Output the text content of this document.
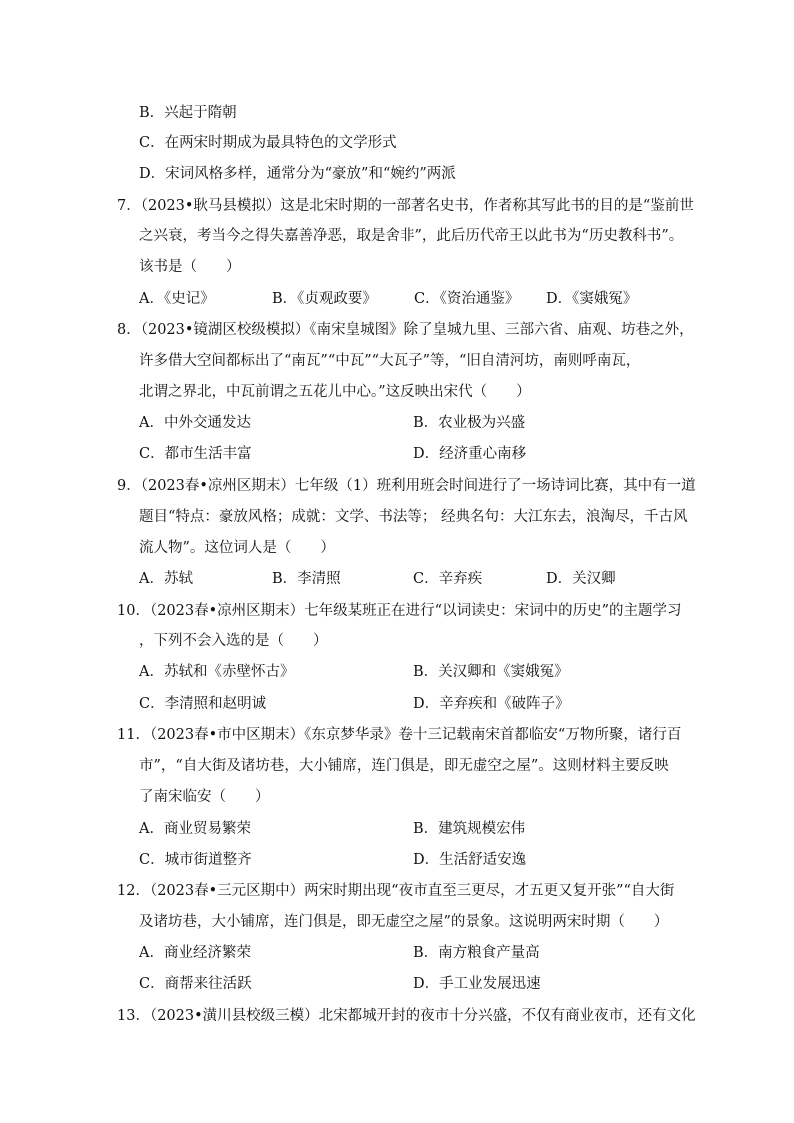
B．兴起于隋朝
C．在两宋时期成为最具特色的文学形式
D．宋词风格多样，通常分为“豪放”和“婉约”两派
7．（2023•耿马县模拟）这是北宋时期的一部著名史书，作者称其写此书的目的是“鉴前世
之兴衰，考当今之得失嘉善净恶，取是舍非”，此后历代帝王以此书为“历史教科书”。
该书是（　　）
A．《史记》	B．《贞观政要》	C．《资治通鉴》 D．《窦娥冤》
8．（2023•镜湖区校级模拟）《南宋皇城图》除了皇城九里、三部六省、庙观、坊巷之外，
许多借大空间都标出了“南瓦”“中瓦”“大瓦子”等，“旧自清河坊，南则呼南瓦，
北谓之界北，中瓦前谓之五花儿中心。”这反映出宋代（　　）
A．中外交通发达	B．农业极为兴盛
C．都市生活丰富	D．经济重心南移
9．（2023春•凉州区期末）七年级（1）班利用班会时间进行了一场诗词比赛，其中有一道
题目“特点：豪放风格；成就：文学、书法等； 经典名句：大江东去，浪淘尽，千古风
流人物”。这位词人是（　　）
A．苏轼	B．李清照	C．辛弃疾	D．关汉卿
10．（2023春•凉州区期末）七年级某班正在进行“以词读史：宋词中的历史”的主题学习
，下列不会入选的是（　　）
A．苏轼和《赤壁怀古》	B．关汉卿和《窦娥冤》
C．李清照和赵明诚	D．辛弃疾和《破阵子》
11．（2023春•市中区期末）《东京梦华录》卷十三记载南宋首都临安“万物所聚，诸行百
市”，“自大街及诸坊巷，大小铺席，连门俱是，即无虚空之屋”。这则材料主要反映
了南宋临安（　　）
A．商业贸易繁荣	B．建筑规模宏伟
C．城市街道整齐	D．生活舒适安逸
12．（2023春•三元区期中）两宋时期出现“夜市直至三更尽，才五更又复开张”“自大街
及诸坊巷，大小铺席，连门俱是，即无虚空之屋”的景象。这说明两宋时期（　　）
A．商业经济繁荣	B．南方粮食产量高
C．商帮来往活跃	D．手工业发展迅速
13．（2023•潢川县校级三模）北宋都城开封的夜市十分兴盛，不仅有商业夜市，还有文化
